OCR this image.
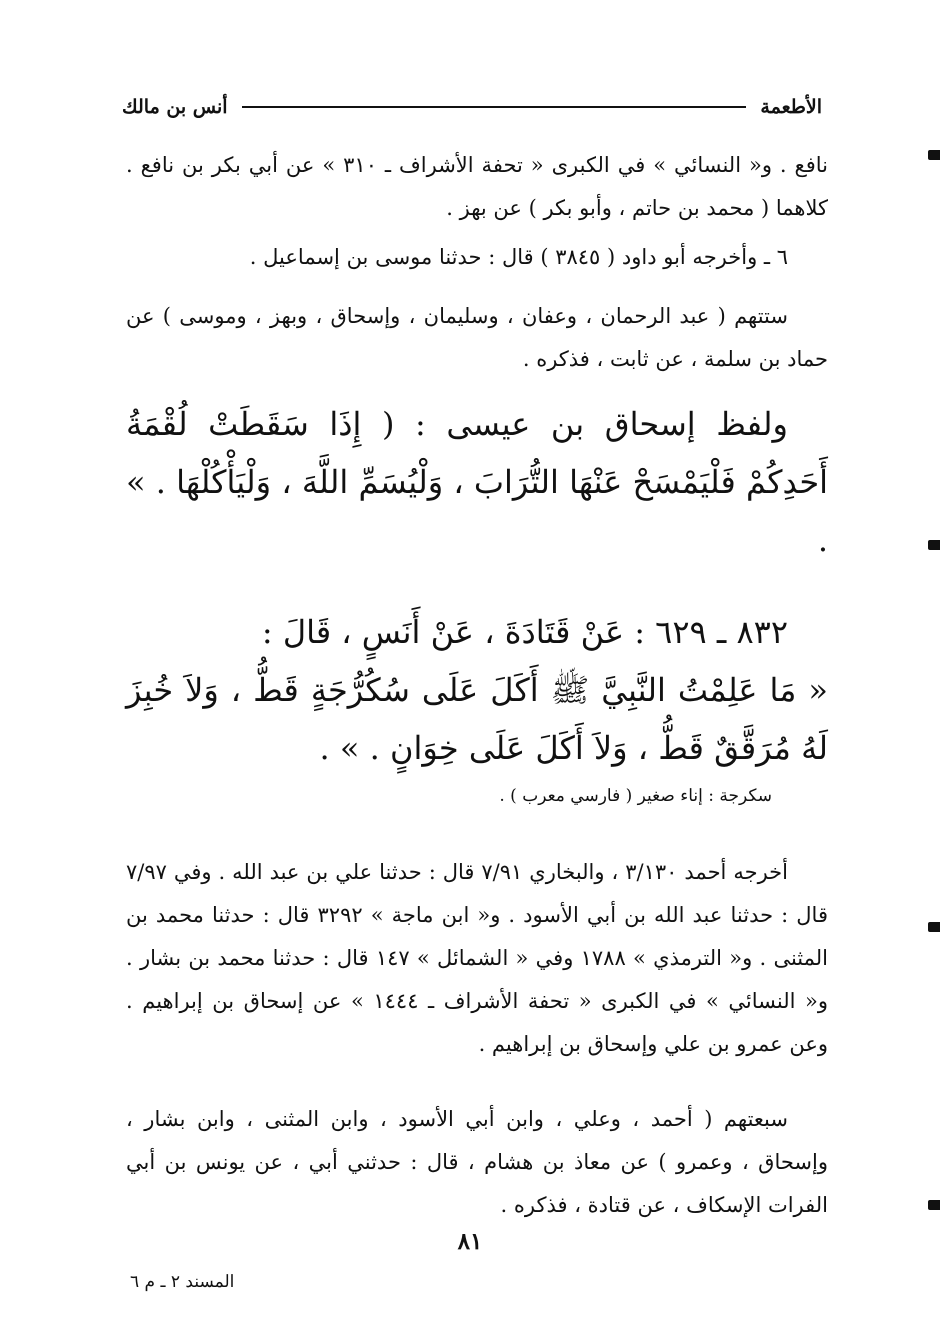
الأطعمة
أنس بن مالك

نافع . و« النسائي » في الكبرى « تحفة الأشراف ـ ٣١٠ » عن أبي بكر بن نافع . كلاهما ( محمد بن حاتم ، وأبو بكر ) عن بهز .

٦ ـ وأخرجه أبو داود ( ٣٨٤٥ ) قال : حدثنا موسى بن إسماعيل .

ستتهم ( عبد الرحمان ، وعفان ، وسليمان ، وإسحاق ، وبهز ، وموسى ) عن حماد بن سلمة ، عن ثابت ، فذكره .

ولفظ إسحاق بن عيسى : ( إِذَا سَقَطَتْ لُقْمَةُ أَحَدِكُمْ فَلْيَمْسَحْ عَنْهَا التُّرَابَ ، وَلْيُسَمِّ اللَّهَ ، وَلْيَأْكُلْهَا . » .

٨٣٢ ـ ٦٢٩ : عَنْ قَتَادَةَ ، عَنْ أَنَسٍ ، قَالَ :

« مَا عَلِمْتُ النَّبِيَّ ﷺ أَكَلَ عَلَى سُكُرُّجَةٍ قَطُّ ، وَلاَ خُبِزَ لَهُ مُرَقَّقٌ قَطُّ ، وَلاَ أَكَلَ عَلَى خِوَانٍ . » .

سكرجة : إناء صغير ( فارسي معرب ) .

أخرجه أحمد ٣/١٣٠ ، والبخاري ٧/٩١ قال : حدثنا علي بن عبد الله . وفي ٧/٩٧ قال : حدثنا عبد الله بن أبي الأسود . و« ابن ماجة » ٣٢٩٢ قال : حدثنا محمد بن المثنى . و« الترمذي » ١٧٨٨ وفي « الشمائل » ١٤٧ قال : حدثنا محمد بن بشار . و« النسائي » في الكبرى « تحفة الأشراف ـ ١٤٤٤ » عن إسحاق بن إبراهيم . وعن عمرو بن علي وإسحاق بن إبراهيم .

سبعتهم ( أحمد ، وعلي ، وابن أبي الأسود ، وابن المثنى ، وابن بشار ، وإسحاق ، وعمرو ) عن معاذ بن هشام ، قال : حدثني أبي ، عن يونس بن أبي الفرات الإسكاف ، عن قتادة ، فذكره .

٨١
المسند ٢ ـ م ٦
